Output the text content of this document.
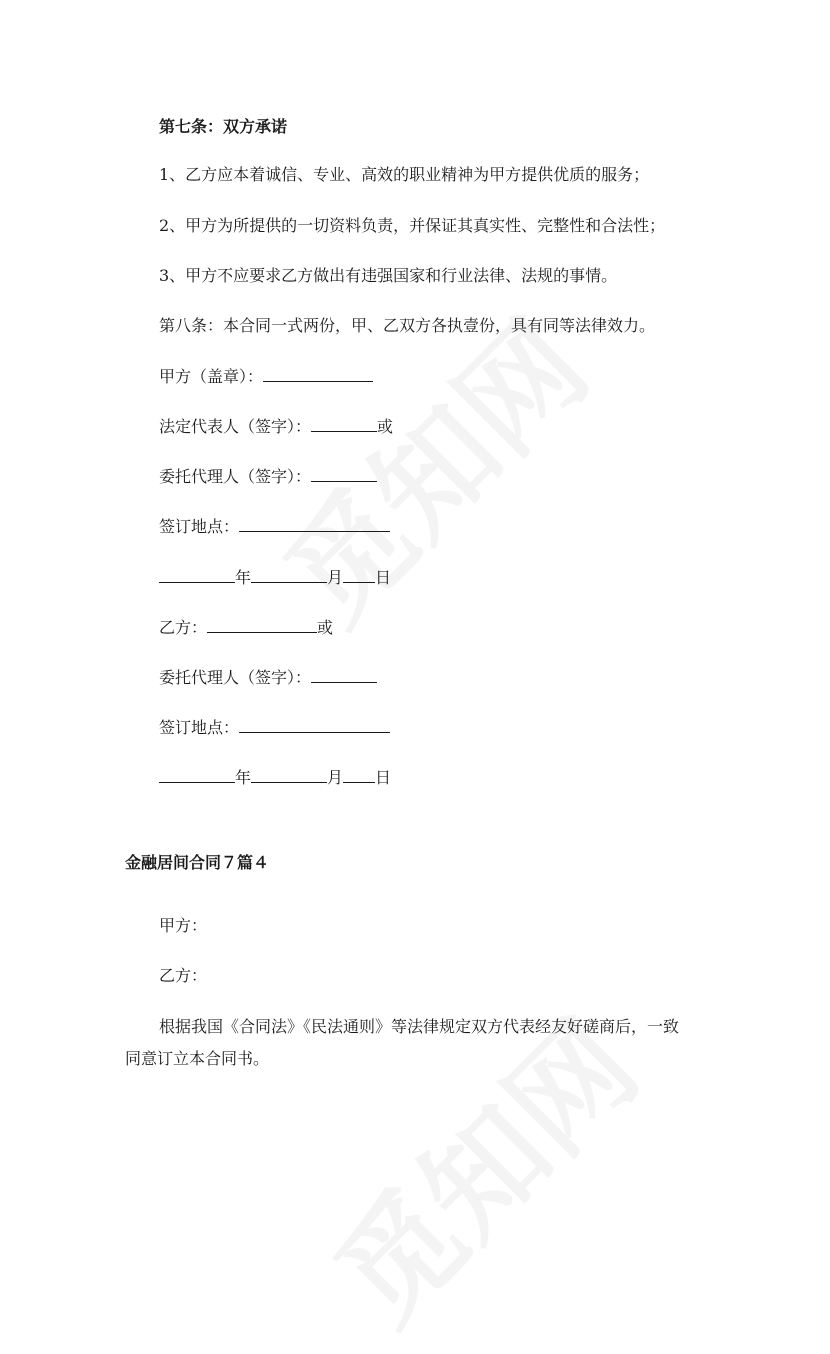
第七条：双方承诺
1、乙方应本着诚信、专业、高效的职业精神为甲方提供优质的服务；
2、甲方为所提供的一切资料负责，并保证其真实性、完整性和合法性；
3、甲方不应要求乙方做出有违强国家和行业法律、法规的事情。
第八条：本合同一式两份，甲、乙双方各执壹份，具有同等法律效力。
甲方（盖章）：
法定代表人（签字）：	或
委托代理人（签字）：
签订地点：
年	月 日
乙方：	或
委托代理人（签字）：
签订地点：
年	月 日
金融居间合同７篇４
甲方：
乙方：
根据我国《合同法》《民法通则》等法律规定双方代表经友好磋商后，一致
同意订立本合同书。
